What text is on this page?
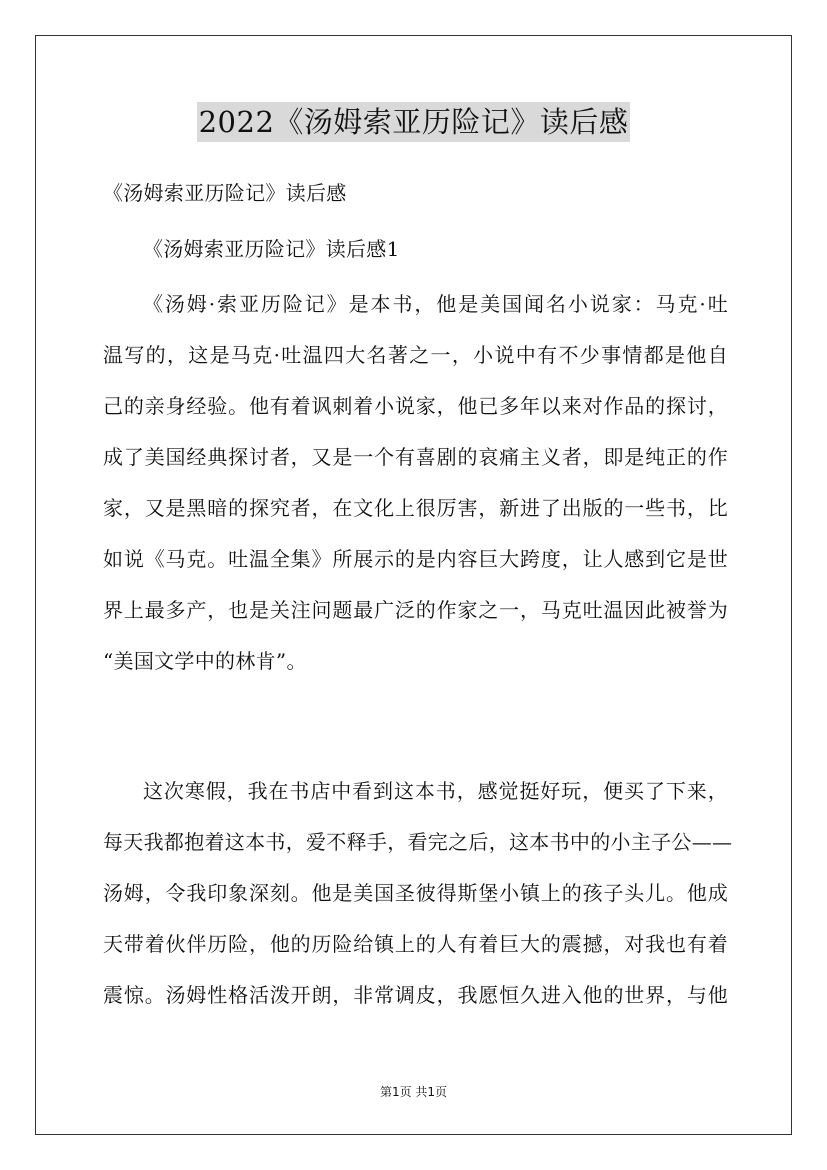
2022《汤姆索亚历险记》读后感
《汤姆索亚历险记》读后感
《汤姆索亚历险记》读后感1
《汤姆·索亚历险记》是本书，他是美国闻名小说家：马克·吐
温写的，这是马克·吐温四大名著之一，小说中有不少事情都是他自
己的亲身经验。他有着讽刺着小说家，他已多年以来对作品的探讨，
成了美国经典探讨者，又是一个有喜剧的哀痛主义者，即是纯正的作
家，又是黑暗的探究者，在文化上很厉害，新进了出版的一些书，比
如说《马克。吐温全集》所展示的是内容巨大跨度，让人感到它是世
界上最多产，也是关注问题最广泛的作家之一，马克吐温因此被誉为
“美国文学中的林肯”。
这次寒假，我在书店中看到这本书，感觉挺好玩，便买了下来，
每天我都抱着这本书，爱不释手，看完之后，这本书中的小主子公——
汤姆，令我印象深刻。他是美国圣彼得斯堡小镇上的孩子头儿。他成
天带着伙伴历险，他的历险给镇上的人有着巨大的震撼，对我也有着
震惊。汤姆性格活泼开朗，非常调皮，我愿恒久进入他的世界，与他
第1页 共1页
